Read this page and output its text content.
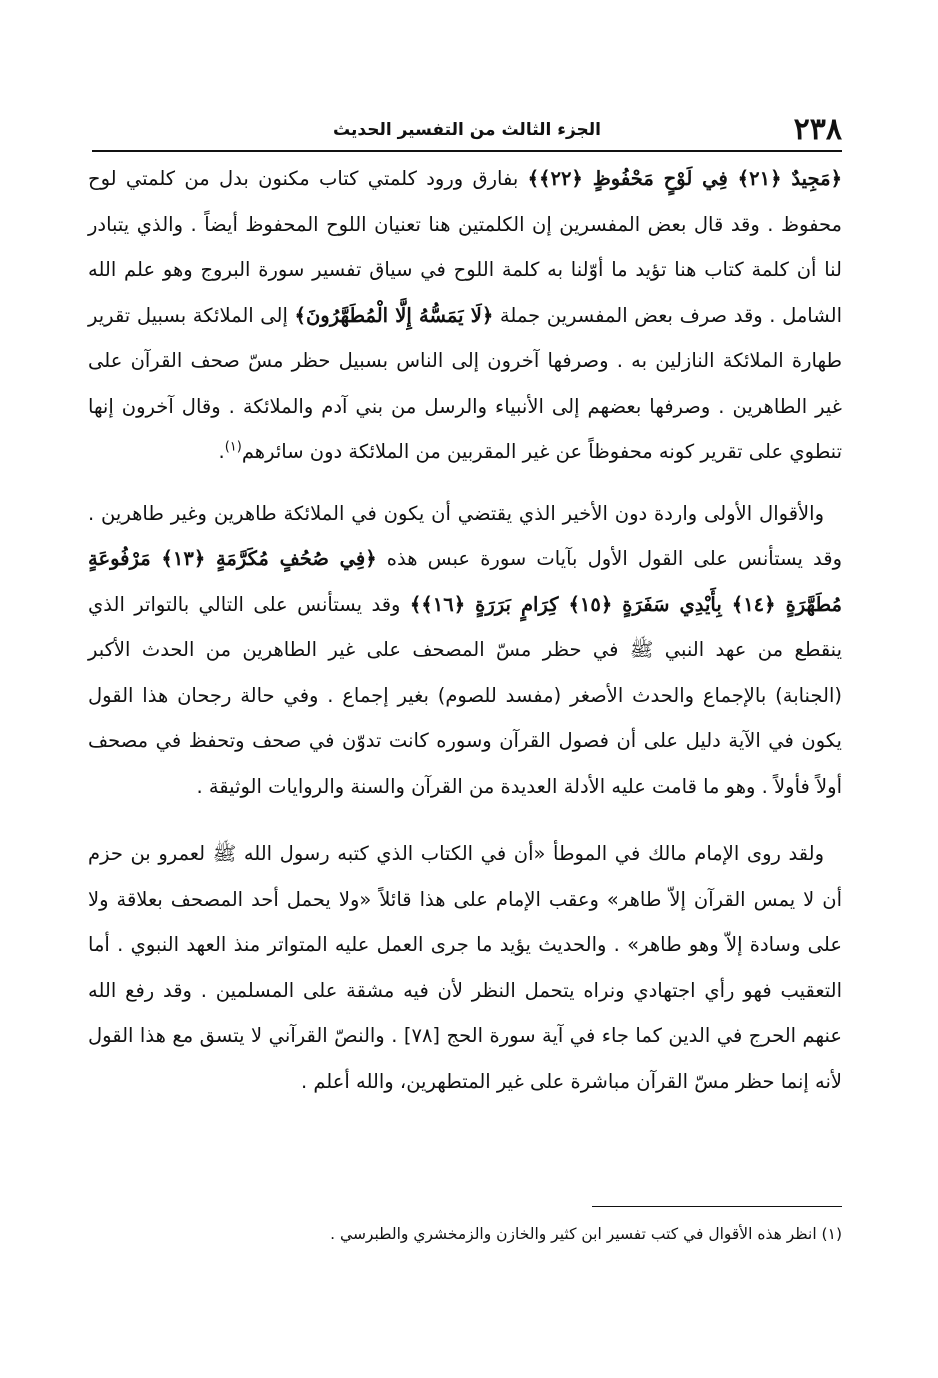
٢٣٨
الجزء الثالث من التفسير الحديث

﴿مَجِيدٌ ﴿٢١﴾ فِي لَوْحٍ مَحْفُوظٍ ﴿٢٢﴾﴾ بفارق ورود كلمتي كتاب مكنون بدل من كلمتي لوح محفوظ . وقد قال بعض المفسرين إن الكلمتين هنا تعنيان اللوح المحفوظ أيضاً . والذي يتبادر لنا أن كلمة كتاب هنا تؤيد ما أوّلنا به كلمة اللوح في سياق تفسير سورة البروج وهو علم الله الشامل . وقد صرف بعض المفسرين جملة ﴿لَا يَمَسُّهُ إِلَّا الْمُطَهَّرُونَ﴾ إلى الملائكة بسبيل تقرير طهارة الملائكة النازلين به . وصرفها آخرون إلى الناس بسبيل حظر مسّ صحف القرآن على غير الطاهرين . وصرفها بعضهم إلى الأنبياء والرسل من بني آدم والملائكة . وقال آخرون إنها تنطوي على تقرير كونه محفوظاً عن غير المقربين من الملائكة دون سائرهم$^{(١)}$.

والأقوال الأولى واردة دون الأخير الذي يقتضي أن يكون في الملائكة طاهرين وغير طاهرين . وقد يستأنس على القول الأول بآيات سورة عبس هذه ﴿فِي صُحُفٍ مُكَرَّمَةٍ ﴿١٣﴾ مَرْفُوعَةٍ مُطَهَّرَةٍ ﴿١٤﴾ بِأَيْدِي سَفَرَةٍ ﴿١٥﴾ كِرَامٍ بَرَرَةٍ ﴿١٦﴾﴾ وقد يستأنس على التالي بالتواتر الذي ينقطع من عهد النبي ﷺ في حظر مسّ المصحف على غير الطاهرين من الحدث الأكبر (الجنابة) بالإجماع والحدث الأصغر (مفسد للصوم) بغير إجماع . وفي حالة رجحان هذا القول يكون في الآية دليل على أن فصول القرآن وسوره كانت تدوّن في صحف وتحفظ في مصحف أولاً فأولاً . وهو ما قامت عليه الأدلة العديدة من القرآن والسنة والروايات الوثيقة .

ولقد روى الإمام مالك في الموطأ «أن في الكتاب الذي كتبه رسول الله ﷺ لعمرو بن حزم أن لا يمس القرآن إلاّ طاهر» وعقب الإمام على هذا قائلاً «ولا يحمل أحد المصحف بعلاقة ولا على وسادة إلاّ وهو طاهر» . والحديث يؤيد ما جرى العمل عليه المتواتر منذ العهد النبوي . أما التعقيب فهو رأي اجتهادي ونراه يتحمل النظر لأن فيه مشقة على المسلمين . وقد رفع الله عنهم الحرج في الدين كما جاء في آية سورة الحج [٧٨] . والنصّ القرآني لا يتسق مع هذا القول لأنه إنما حظر مسّ القرآن مباشرة على غير المتطهرين، والله أعلم .

(١) انظر هذه الأقوال في كتب تفسير ابن كثير والخازن والزمخشري والطبرسي .
